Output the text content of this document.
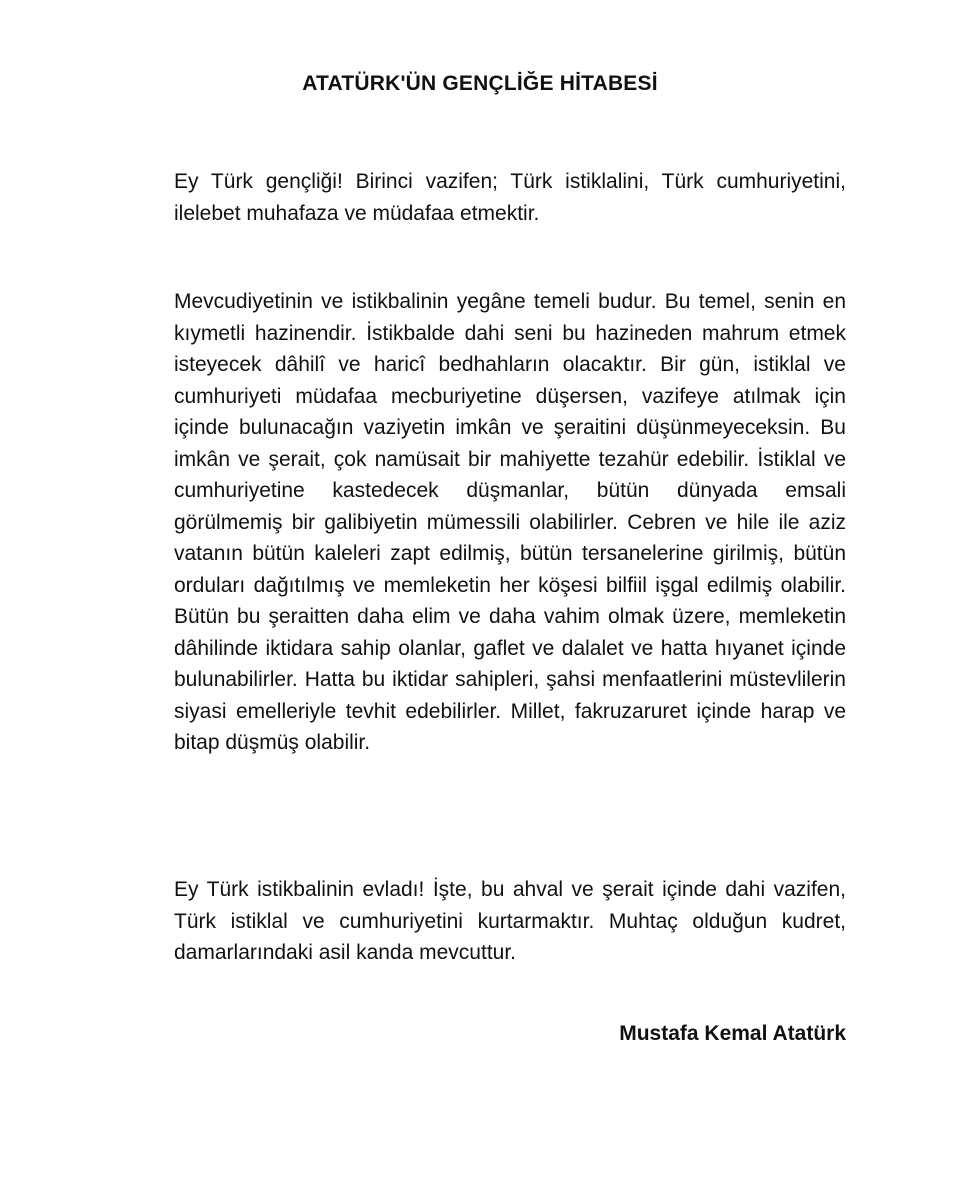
ATATÜRK'ÜN GENÇLİĞE HİTABESİ

Ey Türk gençliği! Birinci vazifen; Türk istiklalini, Türk cumhuriyetini, ilelebet muhafaza ve müdafaa etmektir.

Mevcudiyetinin ve istikbalinin yegâne temeli budur. Bu temel, senin en kıymetli hazinendir. İstikbalde dahi seni bu hazineden mahrum etmek isteyecek dâhilî ve haricî bedhahların olacaktır. Bir gün, istiklal ve cumhuriyeti müdafaa mecburiyetine düşersen, vazifeye atılmak için içinde bulunacağın vaziyetin imkân ve şeraitini düşünmeyeceksin. Bu imkân ve şerait, çok namüsait bir mahiyette tezahür edebilir. İstiklal ve cumhuriyetine kastedecek düşmanlar, bütün dünyada emsali görülmemiş bir galibiyetin mümessili olabilirler. Cebren ve hile ile aziz vatanın bütün kaleleri zapt edilmiş, bütün tersanelerine girilmiş, bütün orduları dağıtılmış ve memleketin her köşesi bilfiil işgal edilmiş olabilir. Bütün bu şeraitten daha elim ve daha vahim olmak üzere, memleketin dâhilinde iktidara sahip olanlar, gaflet ve dalalet ve hatta hıyanet içinde bulunabilirler. Hatta bu iktidar sahipleri, şahsi menfaatlerini müstevlilerin siyasi emelleriyle tevhit edebilirler. Millet, fakruzaruret içinde harap ve bitap düşmüş olabilir.

Ey Türk istikbalinin evladı! İşte, bu ahval ve şerait içinde dahi vazifen, Türk istiklal ve cumhuriyetini kurtarmaktır. Muhtaç olduğun kudret, damarlarındaki asil kanda mevcuttur.

Mustafa Kemal Atatürk
